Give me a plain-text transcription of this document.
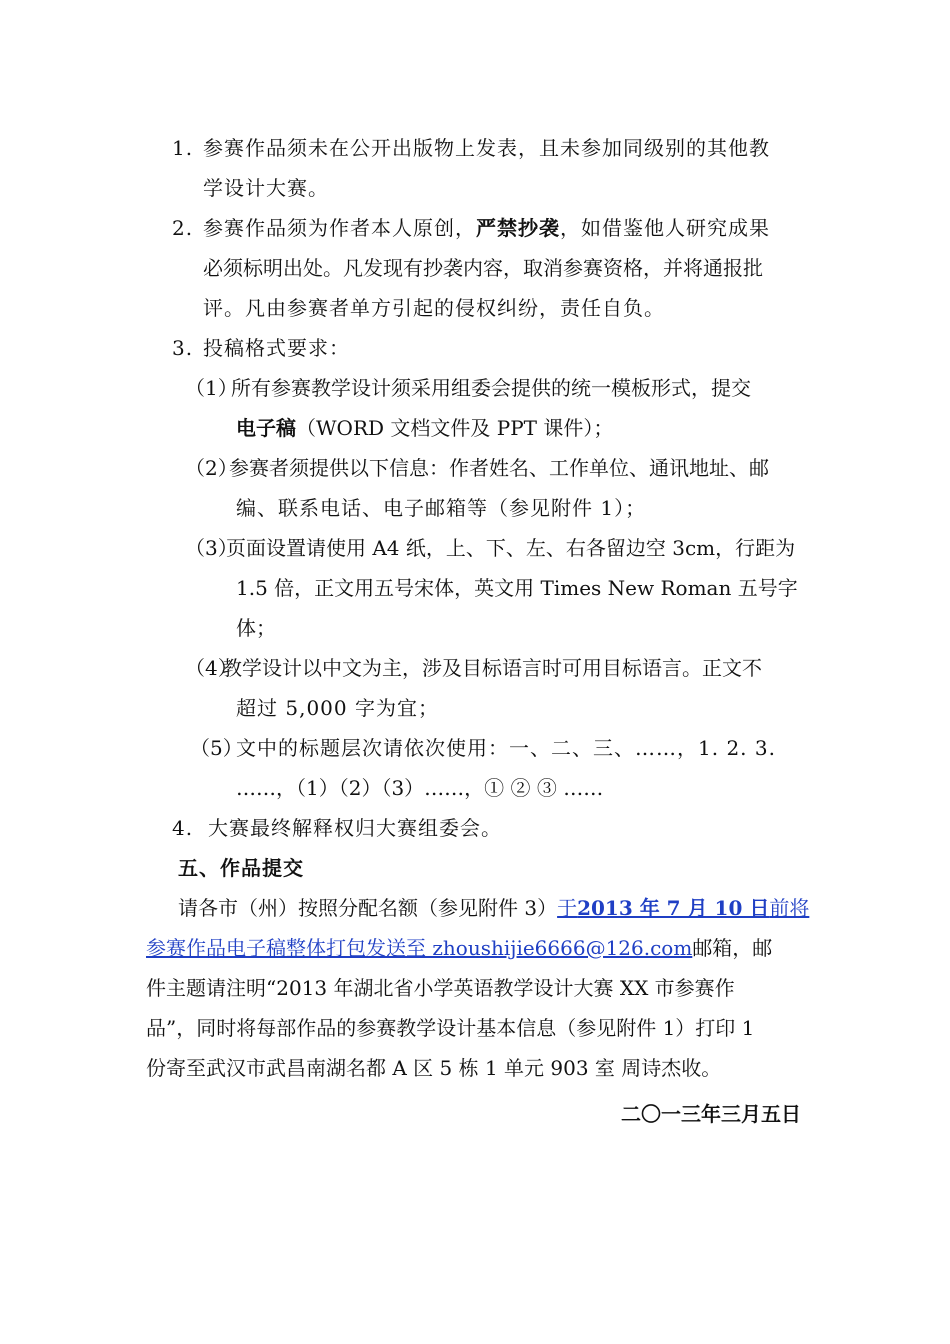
1. 参赛作品须未在公开出版物上发表，且未参加同级别的其他教
学设计大赛。
2. 参赛作品须为作者本人原创，严禁抄袭，如借鉴他人研究成果
必须标明出处。凡发现有抄袭内容，取消参赛资格，并将通报批
评。凡由参赛者单方引起的侵权纠纷，责任自负。
3. 投稿格式要求：
（1）
所有参赛教学设计须采用组委会提供的统一模板形式，提交
电子稿（WORD 文档文件及 PPT 课件）；
（2）
参赛者须提供以下信息：作者姓名、工作单位、通讯地址、邮
编、联系电话、电子邮箱等（参见附件 1）；
（3）
页面设置请使用 A4 纸，上、下、左、右各留边空 3cm，行距为
1.5 倍，正文用五号宋体，英文用 Times New Roman 五号字
体；
（4）
教学设计以中文为主，涉及目标语言时可用目标语言。正文不
超过 5,000 字为宜；
（5）
文中的标题层次请依次使用：一、二、三、……，1. 2. 3.
……，（1）（2）（3）……，① ② ③ ……
4. 大赛最终解释权归大赛组委会。
五、作品提交
请各市（州）按照分配名额（参见附件 3）于2013 年 7 月 10 日前将
参赛作品电子稿整体打包发送至 zhoushijie6666@126.com邮箱，邮
件主题请注明“2013 年湖北省小学英语教学设计大赛 XX 市参赛作
品”，同时将每部作品的参赛教学设计基本信息（参见附件 1）打印 1
份寄至武汉市武昌南湖名都 A 区 5 栋 1 单元 903 室 周诗杰收。
二〇一三年三月五日
